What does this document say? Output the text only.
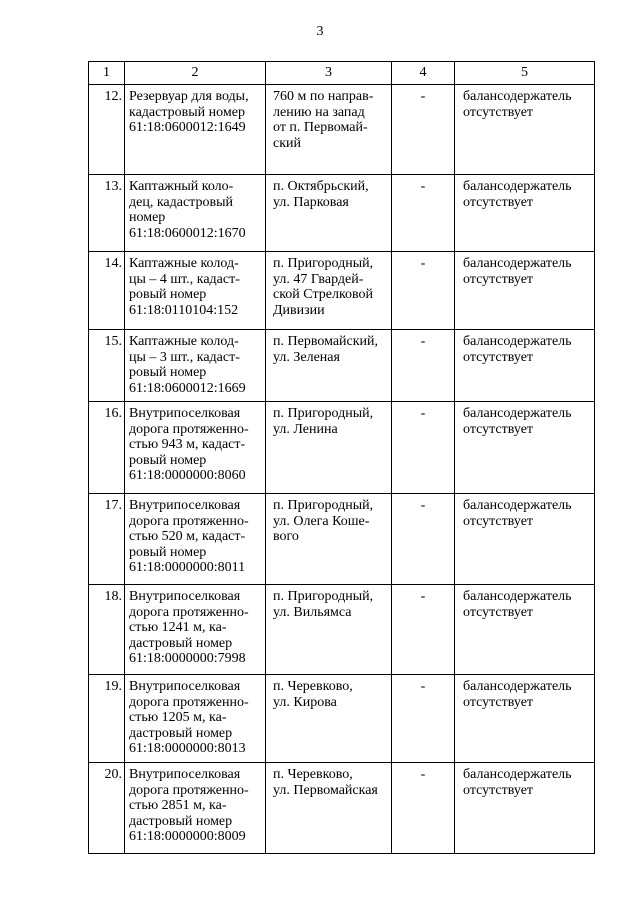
3
1	2	3	4	5
12.	Резервуар для воды,
кадастровый номер
61:18:0600012:1649	760 м по направ-
лению на запад
от п. Первомай-
ский	-	балансодержатель
отсутствует

13.	Каптажный коло-
дец, кадастровый
номер
61:18:0600012:1670	п. Октябрьский,
ул. Парковая	-	балансодержатель
отсутствует

14.	Каптажные колод-
цы – 4 шт., кадаст-
ровый номер
61:18:0110104:152	п. Пригородный,
ул. 47 Гвардей-
ской Стрелковой
Дивизии	-	балансодержатель
отсутствует

15.	Каптажные колод-
цы – 3 шт., кадаст-
ровый номер
61:18:0600012:1669	п. Первомайский,
ул. Зеленая	-	балансодержатель
отсутствует

16.	Внутрипоселковая
дорога протяженно-
стью 943 м, кадаст-
ровый номер
61:18:0000000:8060	п. Пригородный,
ул. Ленина	-	балансодержатель
отсутствует

17.	Внутрипоселковая
дорога протяженно-
стью 520 м, кадаст-
ровый номер
61:18:0000000:8011	п. Пригородный,
ул. Олега Коше-
вого	-	балансодержатель
отсутствует

18.	Внутрипоселковая
дорога протяженно-
стью 1241 м, ка-
дастровый номер
61:18:0000000:7998	п. Пригородный,
ул. Вильямса	-	балансодержатель
отсутствует

19.	Внутрипоселковая
дорога протяженно-
стью 1205 м, ка-
дастровый номер
61:18:0000000:8013	п. Черевково,
ул. Кирова	-	балансодержатель
отсутствует

20.	Внутрипоселковая
дорога протяженно-
стью 2851 м, ка-
дастровый номер
61:18:0000000:8009	п. Черевково,
ул. Первомайская	-	балансодержатель
отсутствует
